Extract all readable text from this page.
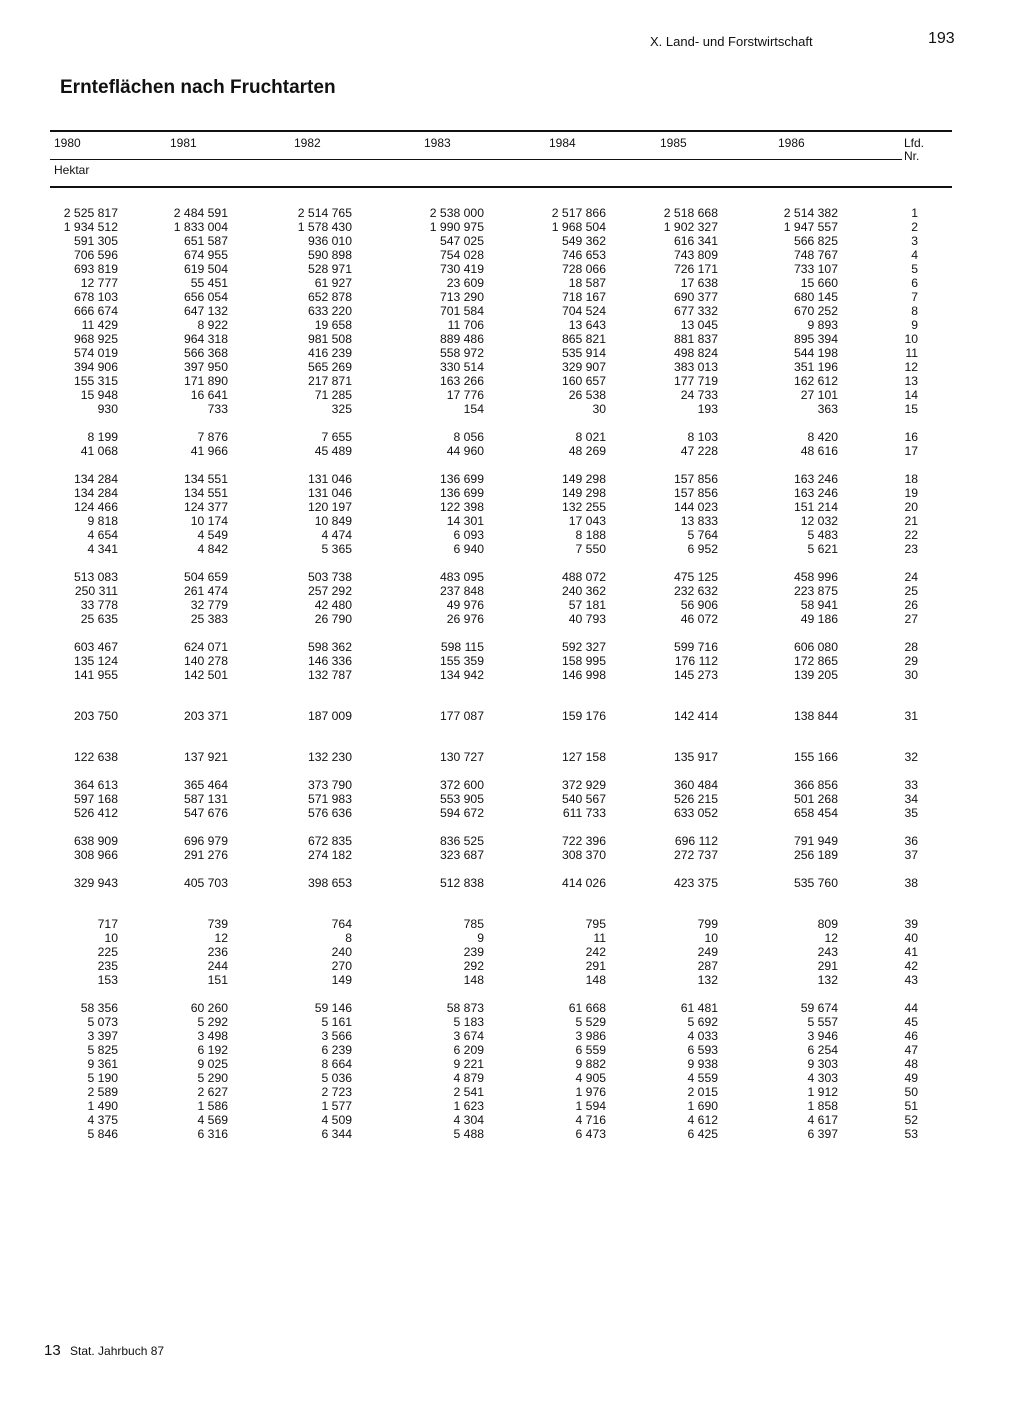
X. Land- und Forstwirtschaft	193
Ernteflächen nach Fruchtarten
1980	1981	1982	1983	1984	1985	1986
Hektar
Lfd.
Nr.
2 525 817	2 484 591	2 514 765	2 538 000	2 517 866	2 518 668	2 514 382	1
1 934 512	1 833 004	1 578 430	1 990 975	1 968 504	1 902 327	1 947 557	2
591 305	651 587	936 010	547 025	549 362	616 341	566 825	3
706 596	674 955	590 898	754 028	746 653	743 809	748 767	4
693 819	619 504	528 971	730 419	728 066	726 171	733 107	5
12 777	55 451	61 927	23 609	18 587	17 638	15 660	6
678 103	656 054	652 878	713 290	718 167	690 377	680 145	7
666 674	647 132	633 220	701 584	704 524	677 332	670 252	8
11 429	8 922	19 658	11 706	13 643	13 045	9 893	9
968 925	964 318	981 508	889 486	865 821	881 837	895 394	10
574 019	566 368	416 239	558 972	535 914	498 824	544 198	11
394 906	397 950	565 269	330 514	329 907	383 013	351 196	12
155 315	171 890	217 871	163 266	160 657	177 719	162 612	13
15 948	16 641	71 285	17 776	26 538	24 733	27 101	14
930	733	325	154	30	193	363	15
8 199	7 876	7 655	8 056	8 021	8 103	8 420	16
41 068	41 966	45 489	44 960	48 269	47 228	48 616	17
134 284	134 551	131 046	136 699	149 298	157 856	163 246	18
134 284	134 551	131 046	136 699	149 298	157 856	163 246	19
124 466	124 377	120 197	122 398	132 255	144 023	151 214	20
9 818	10 174	10 849	14 301	17 043	13 833	12 032	21
4 654	4 549	4 474	6 093	8 188	5 764	5 483	22
4 341	4 842	5 365	6 940	7 550	6 952	5 621	23
513 083	504 659	503 738	483 095	488 072	475 125	458 996	24
250 311	261 474	257 292	237 848	240 362	232 632	223 875	25
33 778	32 779	42 480	49 976	57 181	56 906	58 941	26
25 635	25 383	26 790	26 976	40 793	46 072	49 186	27
603 467	624 071	598 362	598 115	592 327	599 716	606 080	28
135 124	140 278	146 336	155 359	158 995	176 112	172 865	29
141 955	142 501	132 787	134 942	146 998	145 273	139 205	30
203 750	203 371	187 009	177 087	159 176	142 414	138 844	31
122 638	137 921	132 230	130 727	127 158	135 917	155 166	32
364 613	365 464	373 790	372 600	372 929	360 484	366 856	33
597 168	587 131	571 983	553 905	540 567	526 215	501 268	34
526 412	547 676	576 636	594 672	611 733	633 052	658 454	35
638 909	696 979	672 835	836 525	722 396	696 112	791 949	36
308 966	291 276	274 182	323 687	308 370	272 737	256 189	37
329 943	405 703	398 653	512 838	414 026	423 375	535 760	38
717	739	764	785	795	799	809	39
10	12	8	9	11	10	12	40
225	236	240	239	242	249	243	41
235	244	270	292	291	287	291	42
153	151	149	148	148	132	132	43
58 356	60 260	59 146	58 873	61 668	61 481	59 674	44
5 073	5 292	5 161	5 183	5 529	5 692	5 557	45
3 397	3 498	3 566	3 674	3 986	4 033	3 946	46
5 825	6 192	6 239	6 209	6 559	6 593	6 254	47
9 361	9 025	8 664	9 221	9 882	9 938	9 303	48
5 190	5 290	5 036	4 879	4 905	4 559	4 303	49
2 589	2 627	2 723	2 541	1 976	2 015	1 912	50
1 490	1 586	1 577	1 623	1 594	1 690	1 858	51
4 375	4 569	4 509	4 304	4 716	4 612	4 617	52
5 846	6 316	6 344	5 488	6 473	6 425	6 397	53
13 Stat. Jahrbuch 87
